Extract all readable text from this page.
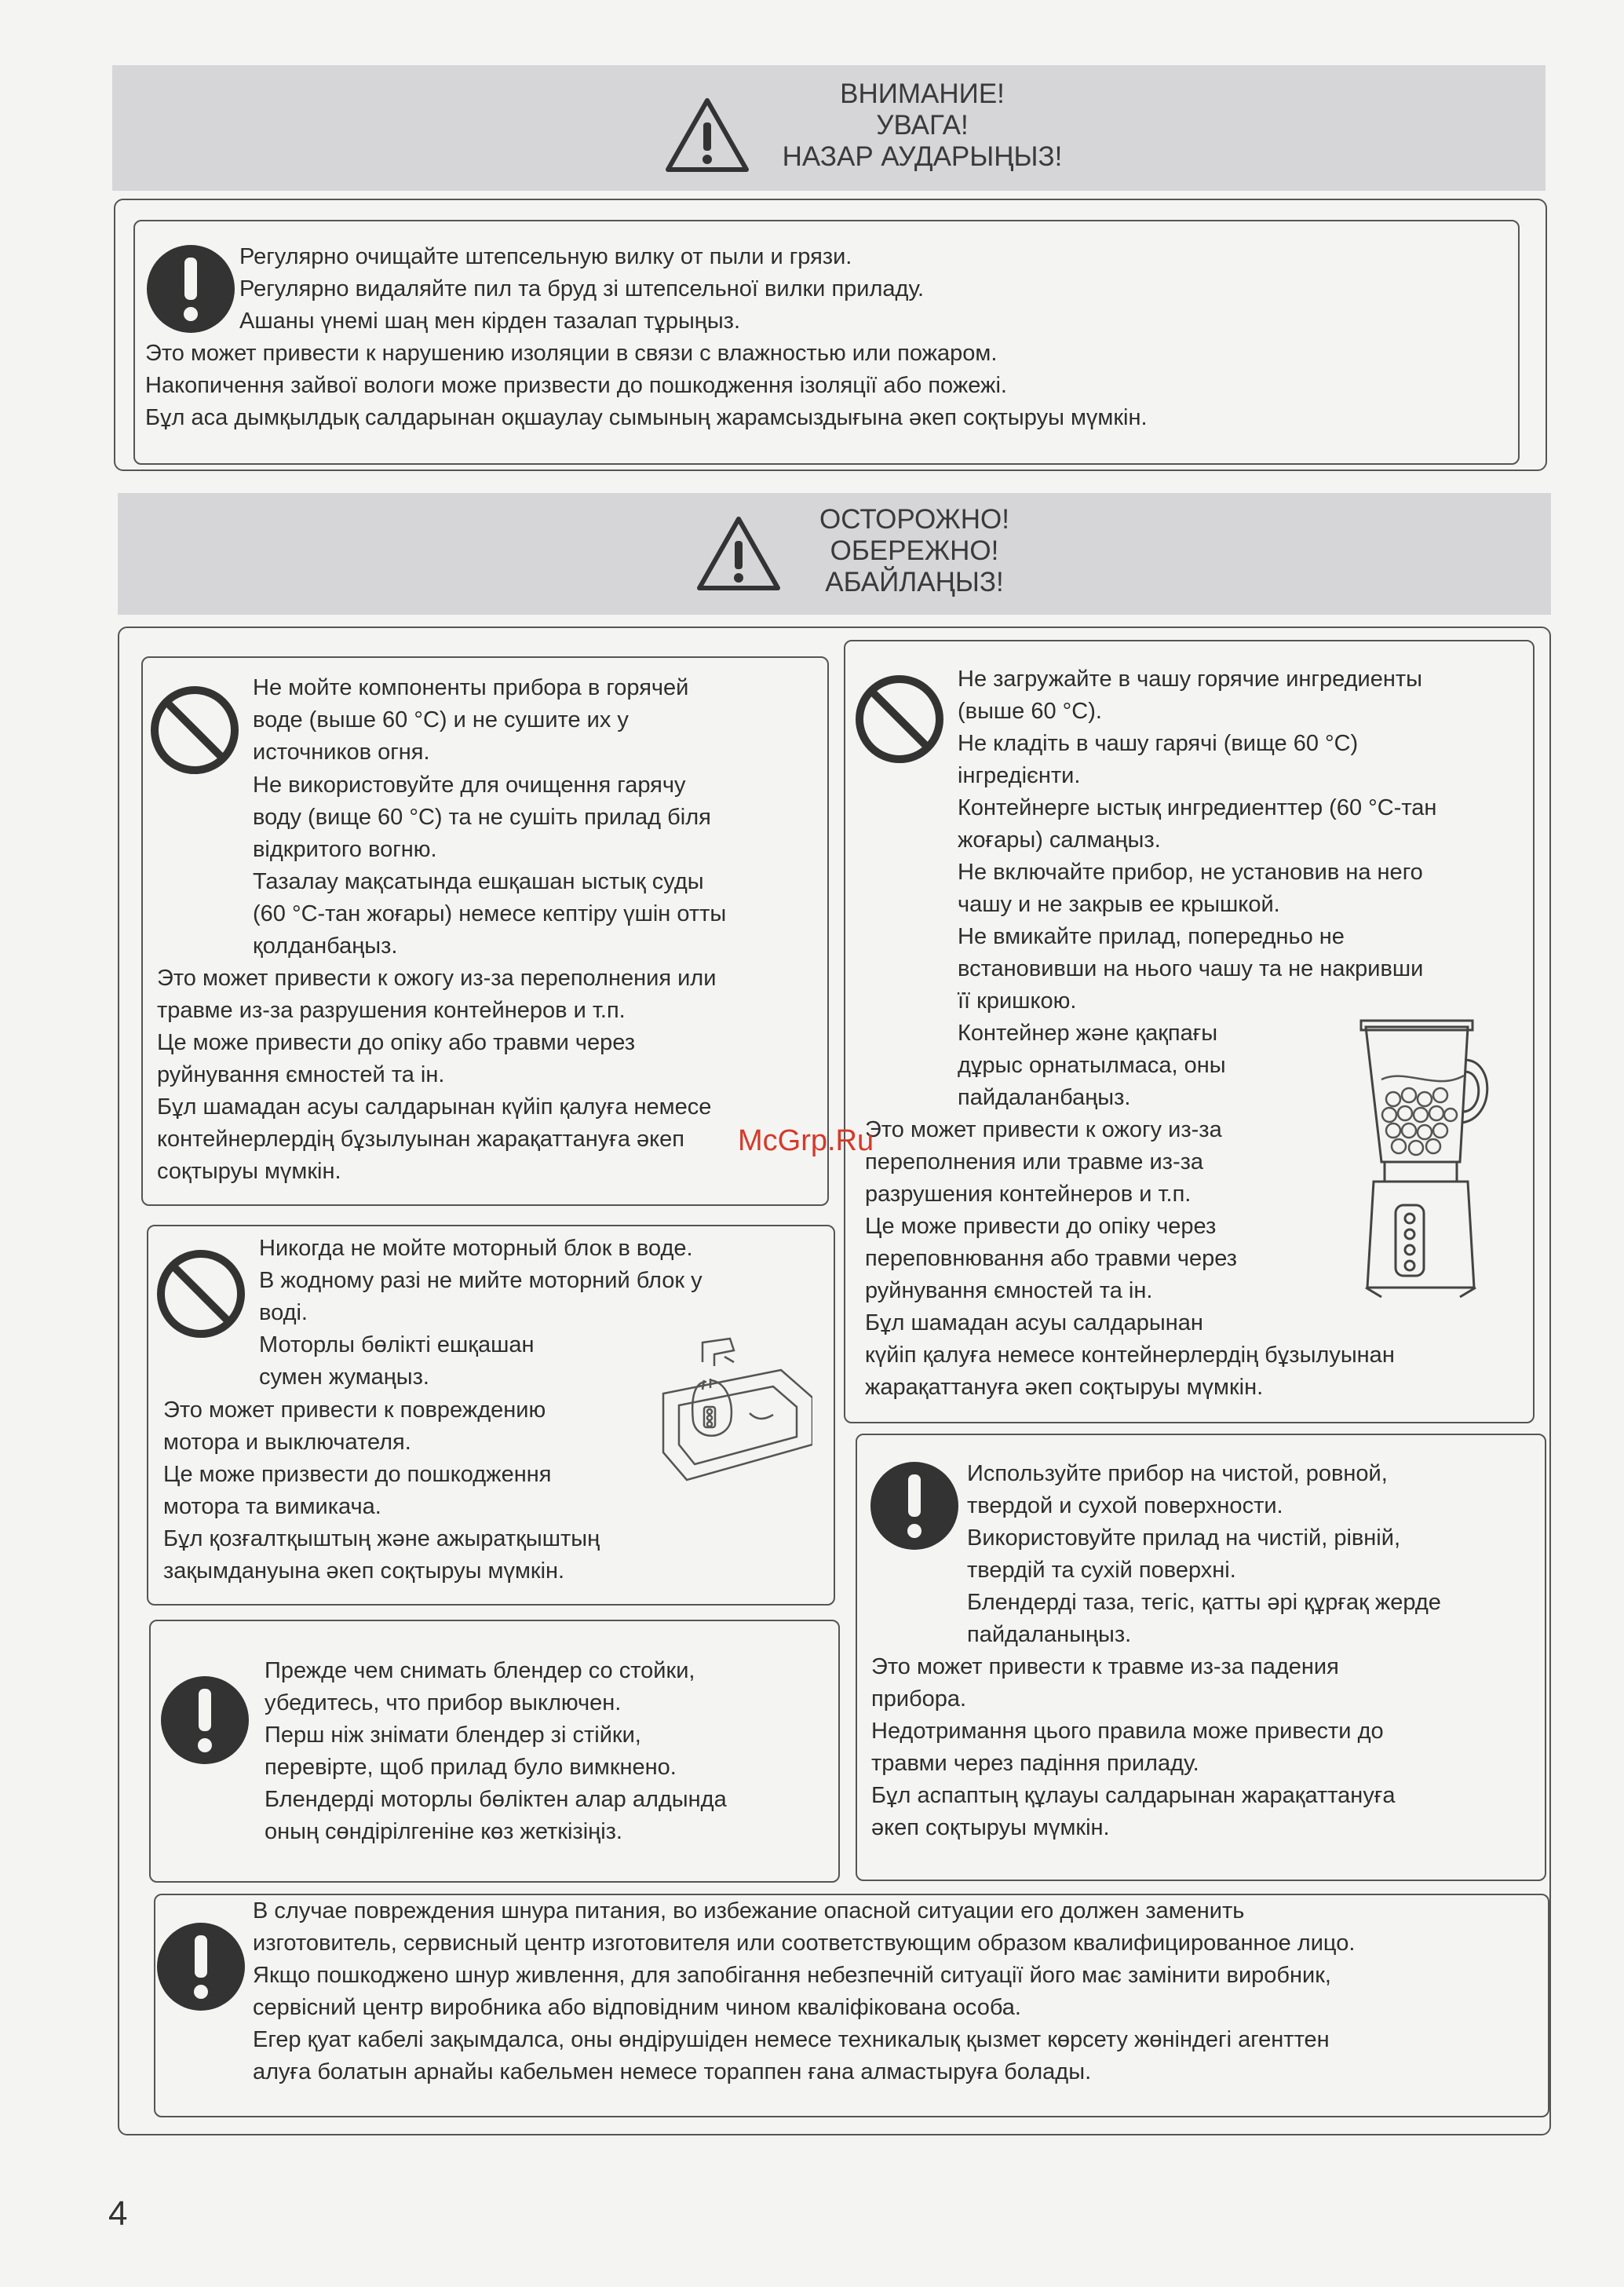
ВНИМАНИЕ!
УВАГА!
НАЗАР АУДАРЫҢЫЗ!
Регулярно очищайте штепсельную вилку от пыли и грязи.
Регулярно видаляйте пил та бруд зі штепсельної вилки приладу.
Ашаны үнемі шаң мен кірден тазалап тұрыңыз.
Это может привести к нарушению изоляции в связи с влажностью или пожаром.
Накопичення зайвої вологи може призвести до пошкодження ізоляції або пожежі.
Бұл аса дымқылдық салдарынан оқшаулау сымының жарамсыздығына әкеп соқтыруы мүмкін.
ОСТОРОЖНО!
ОБЕРЕЖНО!
АБАЙЛАҢЫЗ!
Не мойте компоненты прибора в горячей
воде (выше 60 °С) и не сушите их у
источников огня.
Не використовуйте для очищення гарячу
воду (вище 60 °С) та не сушіть прилад біля
відкритого вогню.
Тазалау мақсатында ешқашан ыстық суды
(60 °С-тан жоғары) немесе кептіру үшін отты
қолданбаңыз.
Это может привести к ожогу из-за переполнения или
травме из-за разрушения контейнеров и т.п.
Це може привести до опіку або травми через
руйнування ємностей та ін.
Бұл шамадан асуы салдарынан күйіп қалуға немесе
контейнерлердің бұзылуынан жарақаттануға әкеп
соқтыруы мүмкін.
Не загружайте в чашу горячие ингредиенты
(выше 60 °С).
Не кладіть в чашу гарячі (вище 60 °С)
інгредієнти.
Контейнерге ыстық ингредиенттер (60 °С-тан
жоғары) салмаңыз.
Не включайте прибор, не установив на него
чашу и не закрыв ее крышкой.
Не вмикайте прилад, попередньо не
встановивши на нього чашу та не накривши
її кришкою.
Контейнер және қақпағы
дұрыс орнатылмаса, оны
пайдаланбаңыз.
Это может привести к ожогу из-за
переполнения или травме из-за
разрушения контейнеров и т.п.
Це може привести до опіку через
переповнювання або травми через
руйнування ємностей та ін.
Бұл шамадан асуы салдарынан
күйіп қалуға немесе контейнерлердің бұзылуынан
жарақаттануға әкеп соқтыруы мүмкін.
Никогда не мойте моторный блок в воде.
В жодному разі не мийте моторний блок у
воді.
Моторлы бөлікті ешқашан
сумен жумаңыз.
Это может привести к повреждению
мотора и выключателя.
Це може призвести до пошкодження
мотора та вимикача.
Бұл қозғалтқыштың және ажыратқыштың
зақымдануына әкеп соқтыруы мүмкін.
Используйте прибор на чистой, ровной,
твердой и сухой поверхности.
Використовуйте прилад на чистій, рівній,
твердій та сухій поверхні.
Блендерді таза, тегіс, қатты әрі құрғақ жерде
пайдаланыңыз.
Это может привести к травме из-за падения
прибора.
Недотримання цього правила може привести до
травми через падіння приладу.
Бұл аспаптың құлауы салдарынан жарақаттануға
әкеп соқтыруы мүмкін.
Прежде чем снимать блендер со стойки,
убедитесь, что прибор выключен.
Перш ніж знімати блендер зі стійки,
перевірте, щоб прилад було вимкнено.
Блендерді моторлы бөліктен алар алдында
оның сөндірілгеніне көз жеткізіңіз.
В случае повреждения шнура питания, во избежание опасной ситуации его должен заменить
изготовитель, сервисный центр изготовителя или соответствующим образом квалифицированное лицо.
Якщо пошкоджено шнур живлення, для запобігання небезпечній ситуації його має замінити виробник,
сервісний центр виробника або відповідним чином кваліфікована особа.
Егер қуат кабелі зақымдалса, оны өндірушіден немесе техникалық қызмет көрсету жөніндегі агенттен
алуға болатын арнайы кабельмен немесе тораппен ғана алмастыруға болады.
McGrp.Ru
4
